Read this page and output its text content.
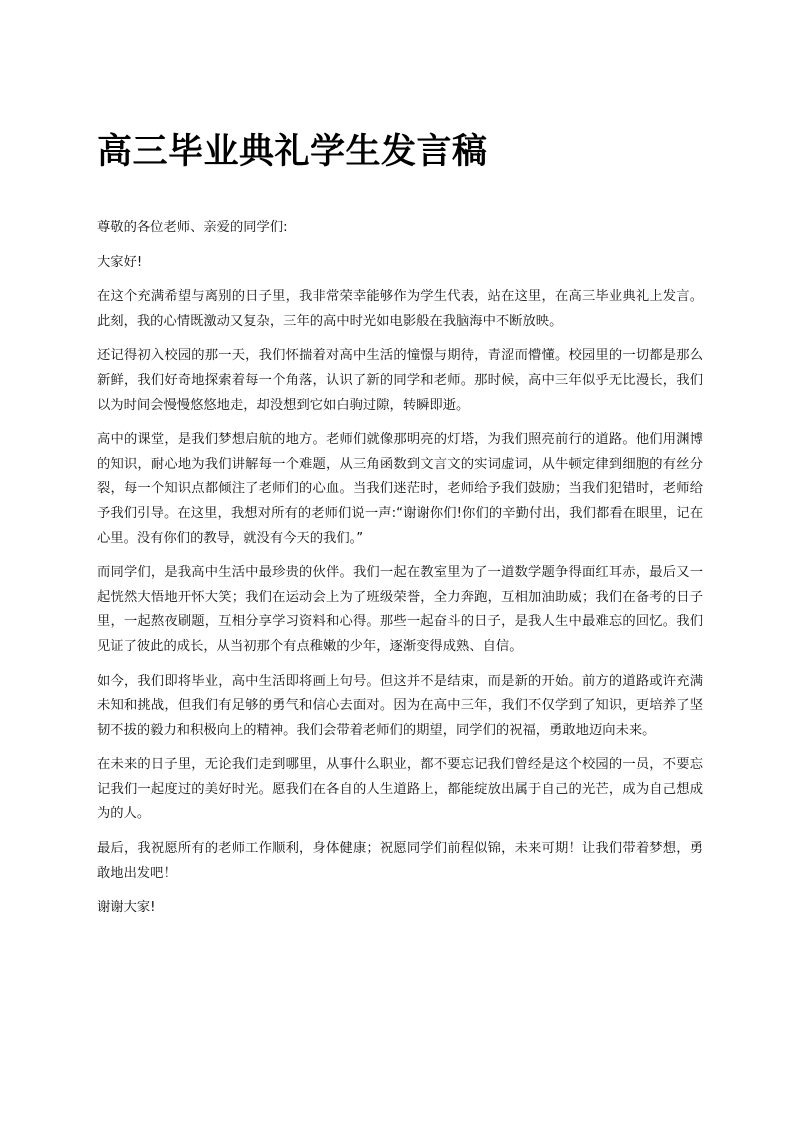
高三毕业典礼学生发言稿

尊敬的各位老师、亲爱的同学们:

大家好!

在这个充满希望与离别的日子里，我非常荣幸能够作为学生代表，站在这里，在高三毕业典礼上发言。此刻，我的心情既激动又复杂，三年的高中时光如电影般在我脑海中不断放映。

还记得初入校园的那一天，我们怀揣着对高中生活的憧憬与期待，青涩而懵懂。校园里的一切都是那么新鲜，我们好奇地探索着每一个角落，认识了新的同学和老师。那时候，高中三年似乎无比漫长，我们以为时间会慢慢悠悠地走，却没想到它如白驹过隙，转瞬即逝。

高中的课堂，是我们梦想启航的地方。老师们就像那明亮的灯塔，为我们照亮前行的道路。他们用渊博的知识，耐心地为我们讲解每一个难题，从三角函数到文言文的实词虚词，从牛顿定律到细胞的有丝分裂，每一个知识点都倾注了老师们的心血。当我们迷茫时，老师给予我们鼓励；当我们犯错时，老师给予我们引导。在这里，我想对所有的老师们说一声:“谢谢你们!你们的辛勤付出，我们都看在眼里，记在心里。没有你们的教导，就没有今天的我们。”

而同学们，是我高中生活中最珍贵的伙伴。我们一起在教室里为了一道数学题争得面红耳赤，最后又一起恍然大悟地开怀大笑；我们在运动会上为了班级荣誉，全力奔跑，互相加油助威；我们在备考的日子里，一起熬夜刷题，互相分享学习资料和心得。那些一起奋斗的日子，是我人生中最难忘的回忆。我们见证了彼此的成长，从当初那个有点稚嫩的少年，逐渐变得成熟、自信。

如今，我们即将毕业，高中生活即将画上句号。但这并不是结束，而是新的开始。前方的道路或许充满未知和挑战，但我们有足够的勇气和信心去面对。因为在高中三年，我们不仅学到了知识，更培养了坚韧不拔的毅力和积极向上的精神。我们会带着老师们的期望，同学们的祝福，勇敢地迈向未来。

在未来的日子里，无论我们走到哪里，从事什么职业，都不要忘记我们曾经是这个校园的一员，不要忘记我们一起度过的美好时光。愿我们在各自的人生道路上，都能绽放出属于自己的光芒，成为自己想成为的人。

最后，我祝愿所有的老师工作顺利，身体健康；祝愿同学们前程似锦，未来可期！让我们带着梦想，勇敢地出发吧！

谢谢大家!
